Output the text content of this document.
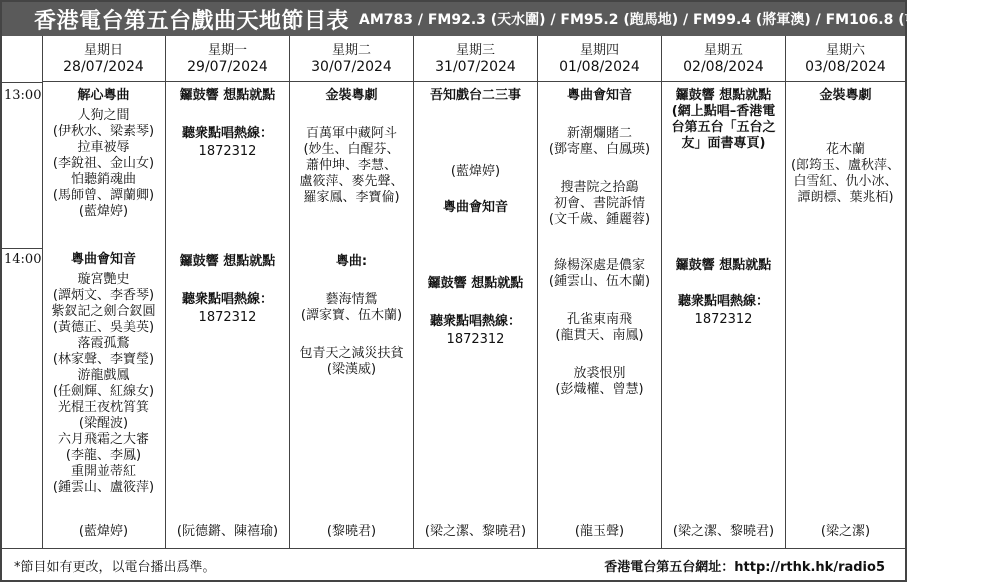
香港電台第五台戲曲天地節目表 AM783 / FM92.3 (天水圍) / FM95.2 (跑馬地) / FM99.4 (將軍澳) / FM106.8 (屯門、元朗)
13:00
14:00
星期日
28/07/2024
解心粵曲
人狗之間
(伊秋水、梁素琴)
拉車被辱
(李銳祖、金山女)
怕聽銷魂曲
(馬師曾、譚蘭卿)
(藍煒婷)
粵曲會知音
璇宮艷史
(譚炳文、李香琴)
紫釵記之劍合釵圓
(黃德正、吳美英)
落霞孤鶩
(林家聲、李寶瑩)
游龍戲鳳
(任劍輝、紅線女)
光棍王夜枕筲箕
(梁醒波)
六月飛霜之大審
(李龍、李鳳)
重開並蒂紅
(鍾雲山、盧筱萍)
(藍煒婷)
星期一
29/07/2024
鑼鼓響 想點就點
聽衆點唱熱線：
1872312
鑼鼓響 想點就點
聽衆點唱熱線：
1872312
(阮德鏘、陳禧瑜)
星期二
30/07/2024
金裝粵劇
百萬軍中藏阿斗
(妙生、白醒芬、
蕭仲坤、李慧、
盧筱萍、麥先聲、
羅家鳳、李寶倫)
粵曲:
藝海情鴛
(譚家寶、伍木蘭)
包青天之減災扶貧
(梁漢威)
(黎曉君)
星期三
31/07/2024
吾知戲台二三事
(藍煒婷)
粵曲會知音
鑼鼓響 想點就點
聽衆點唱熱線：
1872312
(梁之潔、黎曉君)
星期四
01/08/2024
粵曲會知音
新潮爛賭二
(鄧寄塵、白鳳瑛)
搜書院之拾鷂
初會、書院訴情
(文千歲、鍾麗蓉)
綠楊深處是儂家
(鍾雲山、伍木蘭)
孔雀東南飛
(龍貫天、南鳳)
放裘恨別
(彭熾權、曾慧)
(龍玉聲)
星期五
02/08/2024
鑼鼓響 想點就點
(網上點唱–香港電
台第五台「五台之
友」面書專頁)
鑼鼓響 想點就點
聽衆點唱熱線：
1872312
(梁之潔、黎曉君)
星期六
03/08/2024
金裝粵劇
花木蘭
(郎筠玉、盧秋萍、
白雪紅、仇小冰、
譚朗標、葉兆栢)
(梁之潔)
*節目如有更改，以電台播出爲準。	香港電台第五台網址：http://rthk.hk/radio5
